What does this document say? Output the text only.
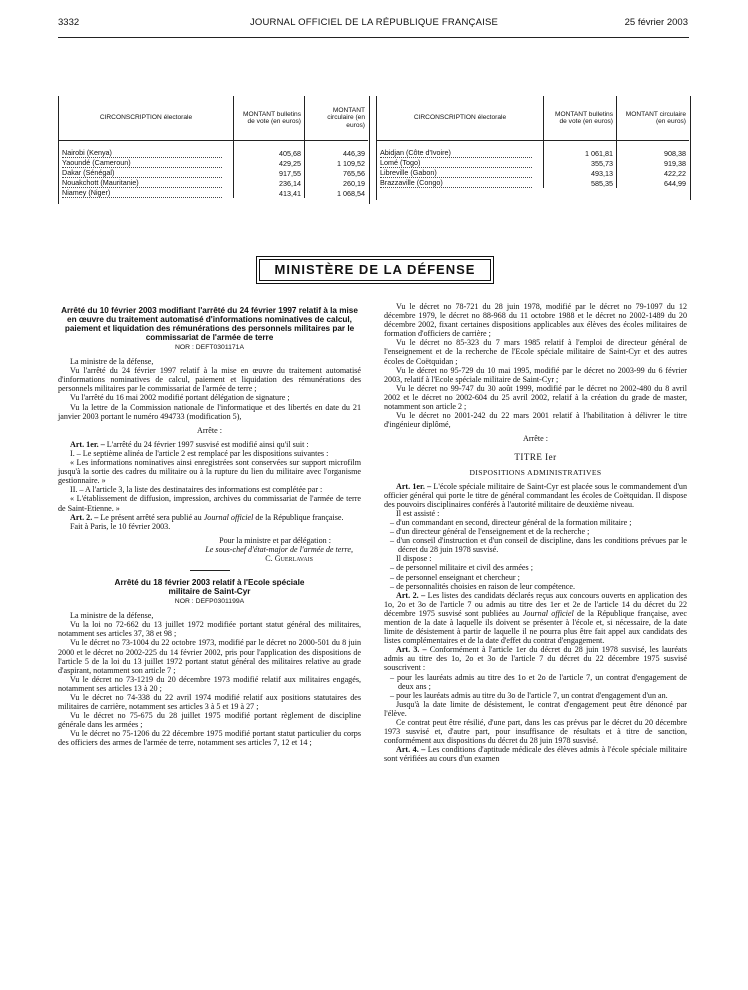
3332	JOURNAL OFFICIEL DE LA RÉPUBLIQUE FRANÇAISE	25 février 2003
CIRCONSCRIPTION électorale	MONTANT bulletins de vote (en euros)	MONTANT circulaire (en euros)
Nairobi (Kenya)	405,68	446,39
Yaoundé (Cameroun)	429,25	1 109,52
Dakar (Sénégal)	917,55	765,56
Nouakchott (Mauritanie)	236,14	260,19
Niamey (Niger)	413,41	1 068,54
CIRCONSCRIPTION électorale	MONTANT bulletins de vote (en euros)	MONTANT circulaire (en euros)
Abidjan (Côte d'Ivoire)	1 061,81	908,38
Lomé (Togo)	355,73	919,38
Libreville (Gabon)	493,13	422,22
Brazzaville (Congo)	585,35	644,99
MINISTÈRE DE LA DÉFENSE

Arrêté du 10 février 2003 modifiant l'arrêté du 24 février 1997 relatif à la mise en œuvre du traitement automatisé d'informations nominatives de calcul, paiement et liquidation des rémunérations des personnels militaires par le commissariat de l'armée de terre

NOR : DEFT0301171A

La ministre de la défense,

Vu l'arrêté du 24 février 1997 relatif à la mise en œuvre du traitement automatisé d'informations nominatives de calcul, paiement et liquidation des rémunérations des personnels militaires par le commissariat de l'armée de terre ;

Vu l'arrêté du 16 mai 2002 modifié portant délégation de signature ;

Vu la lettre de la Commission nationale de l'informatique et des libertés en date du 21 janvier 2003 portant le numéro 494733 (modification 5),

Arrête :

Art. 1er. – L'arrêté du 24 février 1997 susvisé est modifié ainsi qu'il suit :

I. – Le septième alinéa de l'article 2 est remplacé par les dispositions suivantes :

« Les informations nominatives ainsi enregistrées sont conservées sur support microfilm jusqu'à la sortie des cadres du militaire ou à la rupture du lien du militaire avec l'organisme gestionnaire. »

II. – A l'article 3, la liste des destinataires des informations est complétée par :

« L'établissement de diffusion, impression, archives du commissariat de l'armée de terre de Saint-Etienne. »

Art. 2. – Le présent arrêté sera publié au Journal officiel de la République française.

Fait à Paris, le 10 février 2003.

Pour la ministre et par délégation :

Le sous-chef d'état-major de l'armée de terre,

C. Guerlavais

Arrêté du 18 février 2003 relatif à l'Ecole spéciale militaire de Saint-Cyr

NOR : DEFP0301199A

La ministre de la défense,

Vu la loi no 72-662 du 13 juillet 1972 modifiée portant statut général des militaires, notamment ses articles 37, 38 et 98 ;

Vu le décret no 73-1004 du 22 octobre 1973, modifié par le décret no 2000-501 du 8 juin 2000 et le décret no 2002-225 du 14 février 2002, pris pour l'application des dispositions de l'article 5 de la loi du 13 juillet 1972 portant statut général des militaires relative au grade d'aspirant, notamment son article 7 ;

Vu le décret no 73-1219 du 20 décembre 1973 modifié relatif aux militaires engagés, notamment ses articles 13 à 20 ;

Vu le décret no 74-338 du 22 avril 1974 modifié relatif aux positions statutaires des militaires de carrière, notamment ses articles 3 à 5 et 19 à 27 ;

Vu le décret no 75-675 du 28 juillet 1975 modifié portant règlement de discipline générale dans les armées ;

Vu le décret no 75-1206 du 22 décembre 1975 modifié portant statut particulier du corps des officiers des armes de l'armée de terre, notamment ses articles 7, 12 et 14 ;

Vu le décret no 78-721 du 28 juin 1978, modifié par le décret no 79-1097 du 12 décembre 1979, le décret no 88-968 du 11 octobre 1988 et le décret no 2002-1489 du 20 décembre 2002, fixant certaines dispositions applicables aux élèves des écoles militaires de formation d'officiers de carrière ;

Vu le décret no 85-323 du 7 mars 1985 relatif à l'emploi de directeur général de l'enseignement et de la recherche de l'Ecole spéciale militaire de Saint-Cyr et des autres écoles de Coëtquidan ;

Vu le décret no 95-729 du 10 mai 1995, modifié par le décret no 2003-99 du 6 février 2003, relatif à l'Ecole spéciale militaire de Saint-Cyr ;

Vu le décret no 99-747 du 30 août 1999, modifié par le décret no 2002-480 du 8 avril 2002 et le décret no 2002-604 du 25 avril 2002, relatif à la création du grade de master, notamment son article 2 ;

Vu le décret no 2001-242 du 22 mars 2001 relatif à l'habilitation à délivrer le titre d'ingénieur diplômé,

Arrête :

TITRE Ier

DISPOSITIONS ADMINISTRATIVES

Art. 1er. – L'école spéciale militaire de Saint-Cyr est placée sous le commandement d'un officier général qui porte le titre de général commandant les écoles de Coëtquidan. Il dispose des pouvoirs disciplinaires conférés à l'autorité militaire de deuxième niveau.

Il est assisté :

– d'un commandant en second, directeur général de la formation militaire ;

– d'un directeur général de l'enseignement et de la recherche ;

– d'un conseil d'instruction et d'un conseil de discipline, dans les conditions prévues par le décret du 28 juin 1978 susvisé.

Il dispose :

– de personnel militaire et civil des armées ;

– de personnel enseignant et chercheur ;

– de personnalités choisies en raison de leur compétence.

Art. 2. – Les listes des candidats déclarés reçus aux concours ouverts en application des 1o, 2o et 3o de l'article 7 ou admis au titre des 1er et 2e de l'article 14 du décret du 22 décembre 1975 susvisé sont publiées au Journal officiel de la République française, avec mention de la date à laquelle ils doivent se présenter à l'école et, si nécessaire, de la date limite de désistement à partir de laquelle il ne pourra plus être fait appel aux candidats des listes complémentaires et de la date d'effet du contrat d'engagement.

Art. 3. – Conformément à l'article 1er du décret du 28 juin 1978 susvisé, les lauréats admis au titre des 1o, 2o et 3o de l'article 7 du décret du 22 décembre 1975 susvisé souscrivent :

– pour les lauréats admis au titre des 1o et 2o de l'article 7, un contrat d'engagement de deux ans ;

– pour les lauréats admis au titre du 3o de l'article 7, un contrat d'engagement d'un an.

Jusqu'à la date limite de désistement, le contrat d'engagement peut être dénoncé par l'élève.

Ce contrat peut être résilié, d'une part, dans les cas prévus par le décret du 20 décembre 1973 susvisé et, d'autre part, pour insuffisance de résultats et à titre de sanction, conformément aux dispositions du décret du 28 juin 1978 susvisé.

Art. 4. – Les conditions d'aptitude médicale des élèves admis à l'école spéciale militaire sont vérifiées au cours d'un examen
